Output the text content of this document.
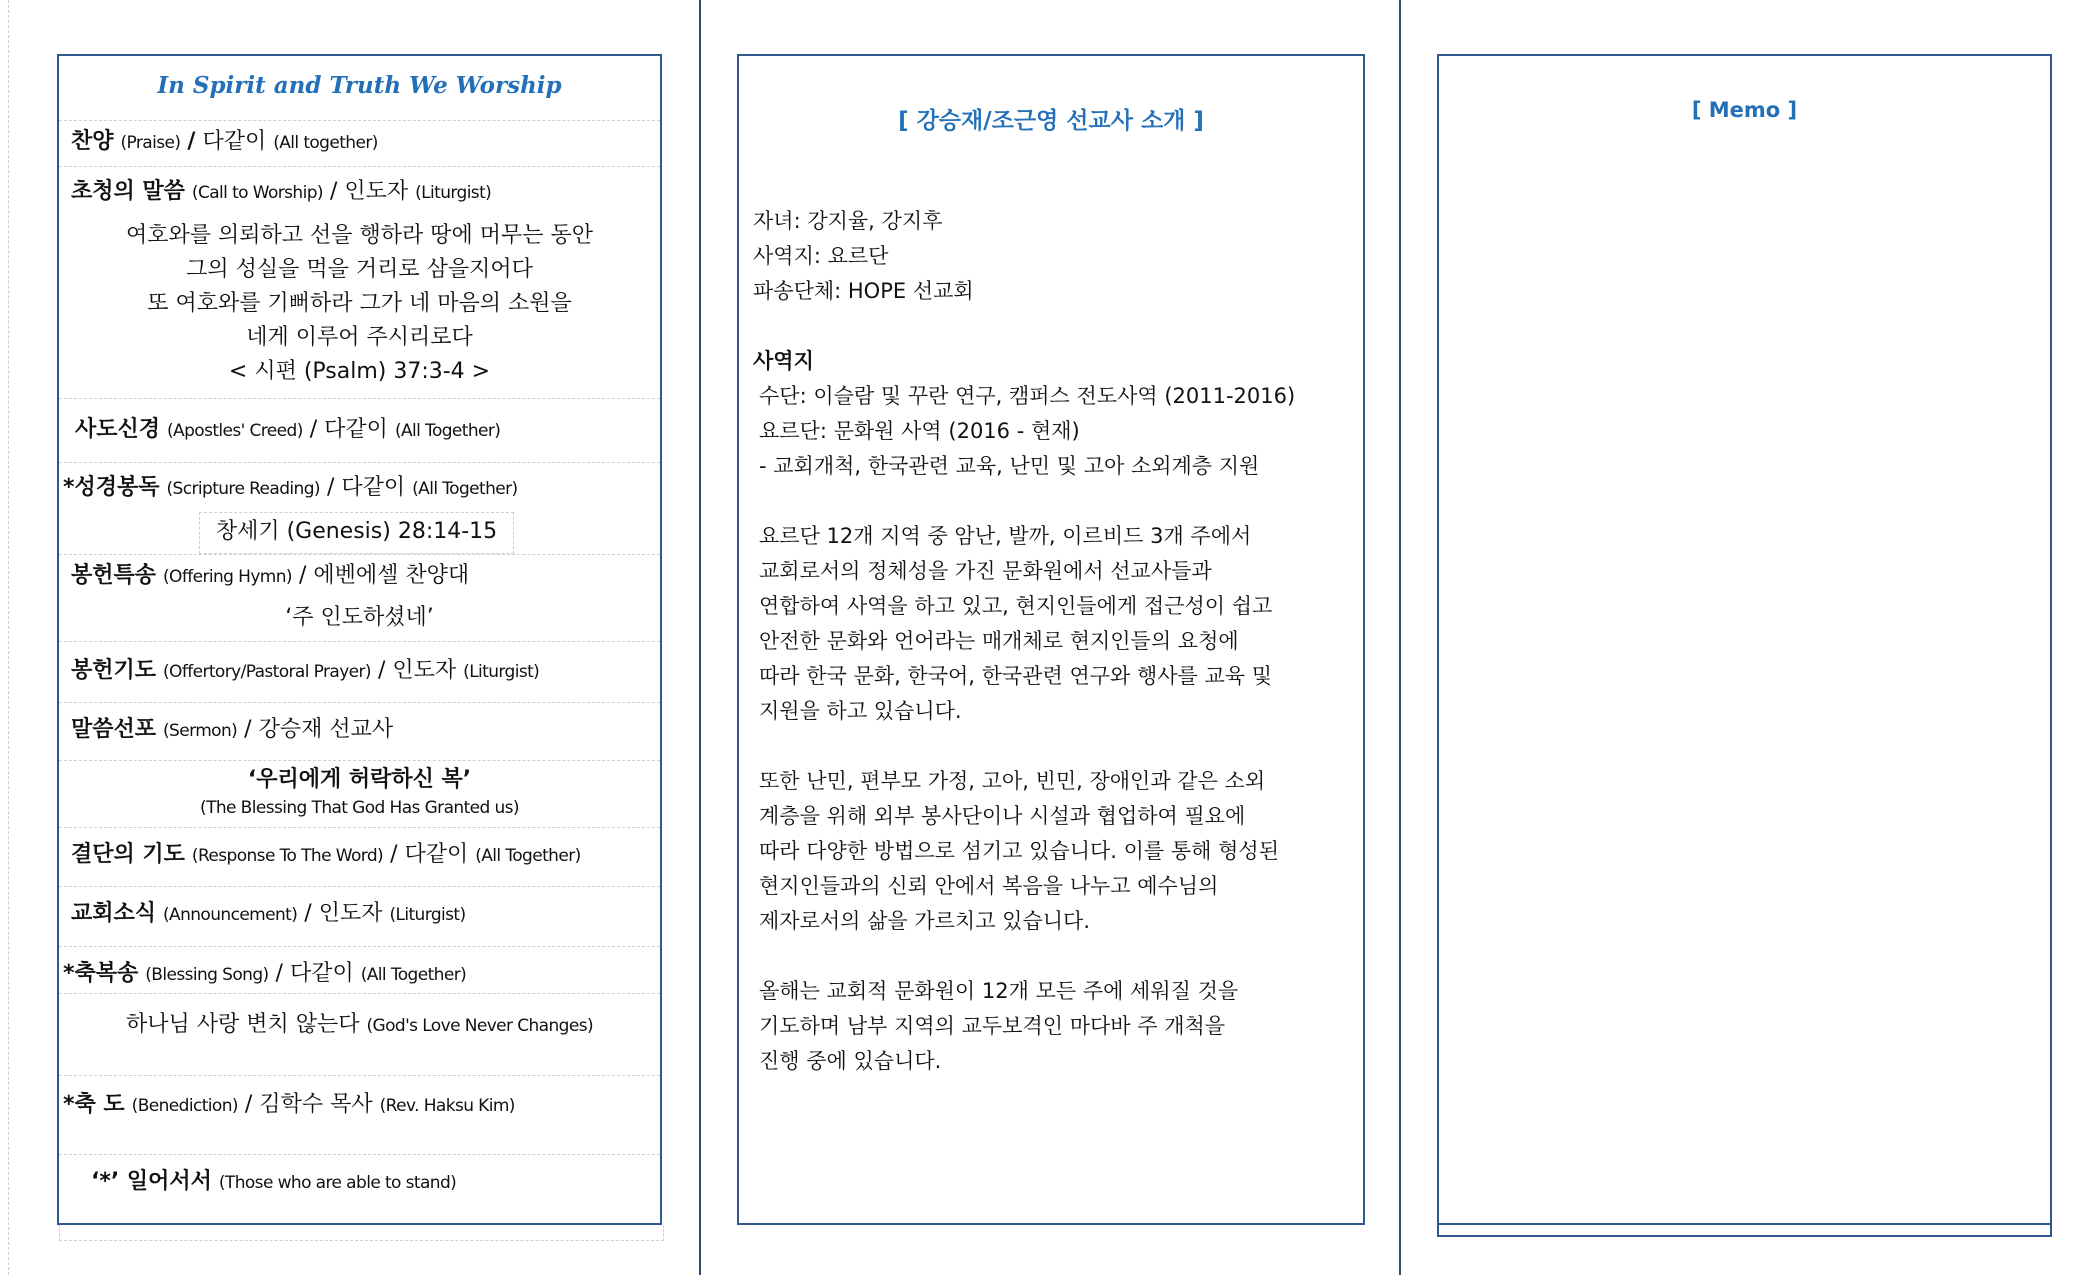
In Spirit and Truth We Worship
찬양 (Praise) / 다같이 (All together)
초청의 말씀 (Call to Worship) / 인도자 (Liturgist)
여호와를 의뢰하고 선을 행하라 땅에 머무는 동안
그의 성실을 먹을 거리로 삼을지어다
또 여호와를 기뻐하라 그가 네 마음의 소원을
네게 이루어 주시리로다
< 시편 (Psalm) 37:3-4 >
사도신경 (Apostles' Creed) / 다같이 (All Together)
*성경봉독 (Scripture Reading) / 다같이 (All Together)
창세기 (Genesis) 28:14-15
봉헌특송 (Offering Hymn) / 에벤에셀 찬양대
‘주 인도하셨네’
봉헌기도 (Offertory/Pastoral Prayer) / 인도자 (Liturgist)
말씀선포 (Sermon) / 강승재 선교사
‘우리에게 허락하신 복’
(The Blessing That God Has Granted us)
결단의 기도 (Response To The Word) / 다같이 (All Together)
교회소식 (Announcement) / 인도자 (Liturgist)
*축복송 (Blessing Song) / 다같이 (All Together)
하나님 사랑 변치 않는다 (God's Love Never Changes)
*축 도 (Benediction) / 김학수 목사 (Rev. Haksu Kim)
‘*’ 일어서서 (Those who are able to stand)
[ 강승재/조근영 선교사 소개 ]
자녀: 강지율, 강지후
사역지: 요르단
파송단체: HOPE 선교회
사역지
수단: 이슬람 및 꾸란 연구, 캠퍼스 전도사역 (2011-2016)
요르단: 문화원 사역 (2016 - 현재)
- 교회개척, 한국관련 교육, 난민 및 고아 소외계층 지원
요르단 12개 지역 중 암난, 발까, 이르비드 3개 주에서
교회로서의 정체성을 가진 문화원에서 선교사들과
연합하여 사역을 하고 있고, 현지인들에게 접근성이 쉽고
안전한 문화와 언어라는 매개체로 현지인들의 요청에
따라 한국 문화, 한국어, 한국관련 연구와 행사를 교육 및
지원을 하고 있습니다.
또한 난민, 편부모 가정, 고아, 빈민, 장애인과 같은 소외
계층을 위해 외부 봉사단이나 시설과 협업하여 필요에
따라 다양한 방법으로 섬기고 있습니다. 이를 통해 형성된
현지인들과의 신뢰 안에서 복음을 나누고 예수님의
제자로서의 삶을 가르치고 있습니다.
올해는 교회적 문화원이 12개 모든 주에 세워질 것을
기도하며 남부 지역의 교두보격인 마다바 주 개척을
진행 중에 있습니다.
[ Memo ]
